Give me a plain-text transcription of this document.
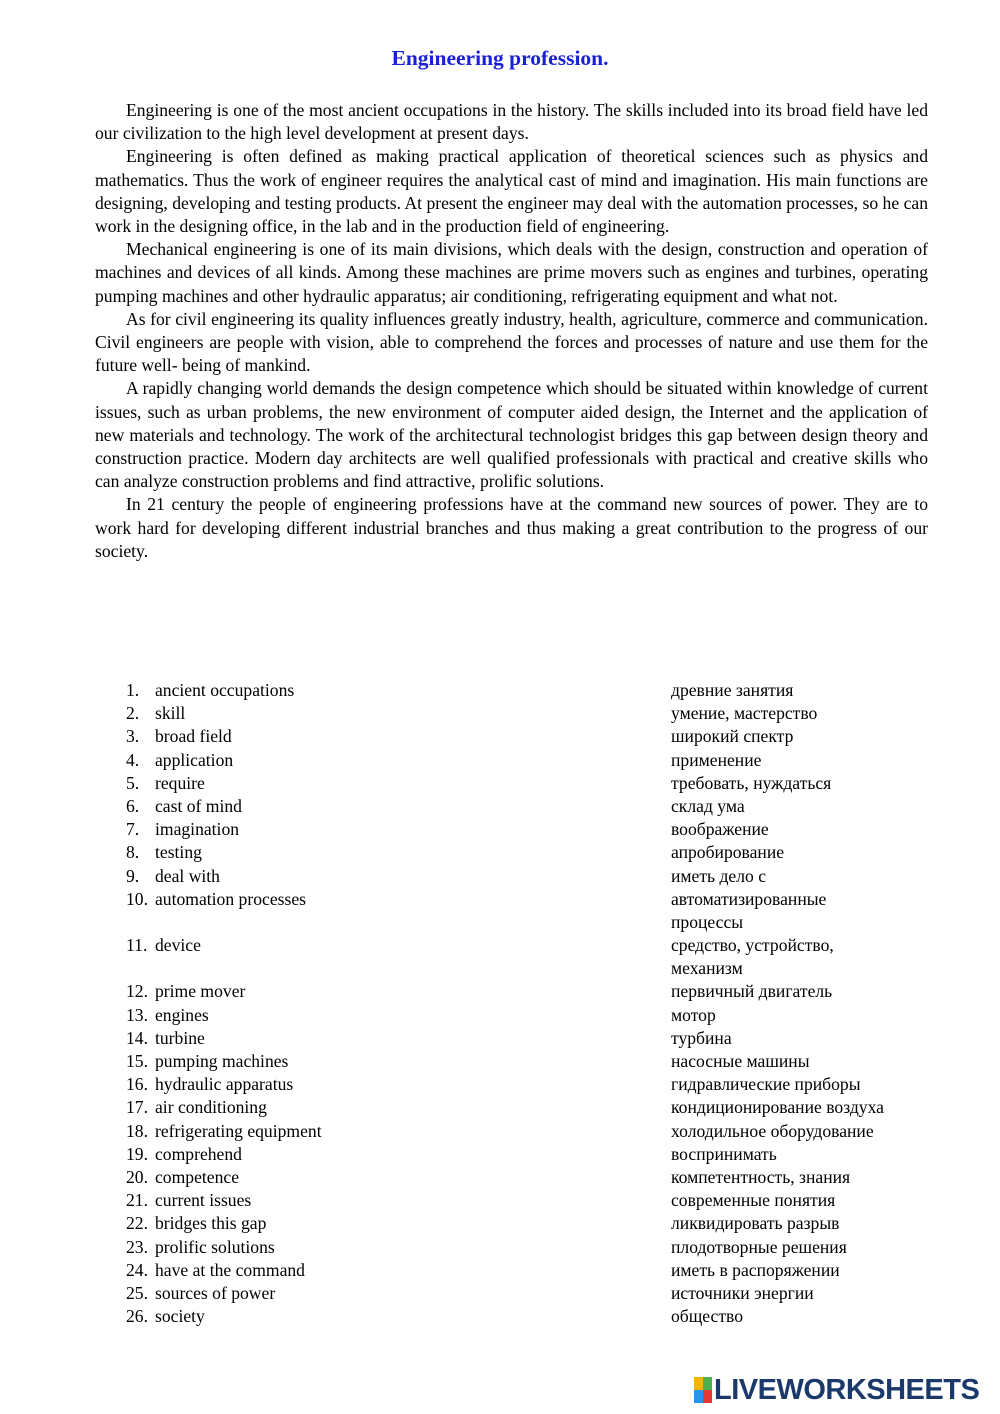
Engineering profession.

Engineering is one of the most ancient occupations in the history. The skills included into its broad field have led our civilization to the high level development at present days.

Engineering is often defined as making practical application of theoretical sciences such as physics and mathematics. Thus the work of engineer requires the analytical cast of mind and imagination. His main functions are designing, developing and testing products. At present the engineer may deal with the automation processes, so he can work in the designing office, in the lab and in the production field of engineering.

Mechanical engineering is one of its main divisions, which deals with the design, construction and operation of machines and devices of all kinds. Among these machines are prime movers such as engines and turbines, operating pumping machines and other hydraulic apparatus; air conditioning, refrigerating equipment and what not.

As for civil engineering its quality influences greatly industry, health, agriculture, commerce and communication. Civil engineers are people with vision, able to comprehend the forces and processes of nature and use them for the future well- being of mankind.

A rapidly changing world demands the design competence which should be situated within knowledge of current issues, such as urban problems, the new environment of computer aided design, the Internet and the application of new materials and technology. The work of the architectural technologist bridges this gap between design theory and construction practice. Modern day architects are well qualified professionals with practical and creative skills who can analyze construction problems and find attractive, prolific solutions.

In 21 century the people of engineering professions have at the command new sources of power. They are to work hard for developing different industrial branches and thus making a great contribution to the progress of our society.

1. ancient occupations	древние занятия
2. skill	умение, мастерство
3. broad field	широкий спектр
4. application	применение
5. require	требовать, нуждаться
6. cast of mind	склад ума
7. imagination	воображение
8. testing	апробирование
9. deal with	иметь дело с
10. automation processes	автоматизированные процессы
11. device	средство, устройство, механизм
12. prime mover	первичный двигатель
13. engines	мотор
14. turbine	турбина
15. pumping machines	насосные машины
16. hydraulic apparatus	гидравлические приборы
17. air conditioning	кондиционирование воздуха
18. refrigerating equipment	холодильное оборудование
19. comprehend	воспринимать
20. competence	компетентность, знания
21. current issues	современные понятия
22. bridges this gap	ликвидировать разрыв
23. prolific solutions	плодотворные решения
24. have at the command	иметь в распоряжении
25. sources of power	источники энергии
26. society	общество
LIVEWORKSHEETS
